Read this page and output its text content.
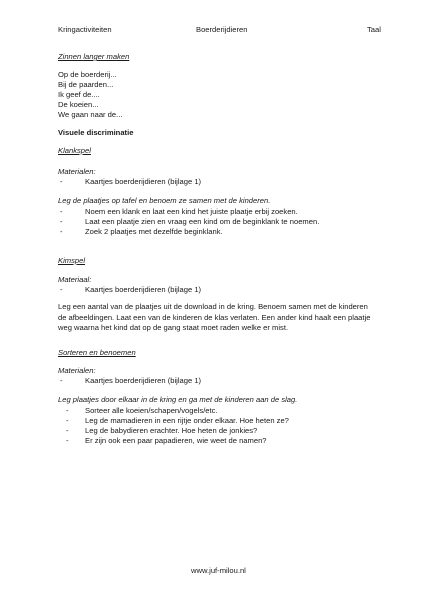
Kringactiviteiten	Boerderijdieren	Taal
Zinnen langer maken
Op de boerderij...
Bij de paarden...
Ik geef de....
De koeien...
We gaan naar de...
Visuele discriminatie
Klankspel
Materialen:
-	Kaartjes boerderijdieren (bijlage 1)
Leg de plaatjes op tafel en benoem ze samen met de kinderen.
-	Noem een klank en laat een kind het juiste plaatje erbij zoeken.
-	Laat een plaatje zien en vraag een kind om de beginklank te noemen.
-	Zoek 2 plaatjes met dezelfde beginklank.
Kimspel
Materiaal:
-	Kaartjes boerderijdieren (bijlage 1)
Leg een aantal van de plaatjes uit de download in de kring. Benoem samen met de kinderen de afbeeldingen. Laat een van de kinderen de klas verlaten. Een ander kind haalt een plaatje weg waarna het kind dat op de gang staat moet raden welke er mist.
Sorteren en benoemen
Materialen:
-	Kaartjes boerderijdieren (bijlage 1)
Leg plaatjes door elkaar in de kring en ga met de kinderen aan de slag.
- Sorteer alle koeien/schapen/vogels/etc.
- Leg de mamadieren in een rijtje onder elkaar. Hoe heten ze?
- Leg de babydieren erachter. Hoe heten de jonkies?
- Er zijn ook een paar papadieren, wie weet de namen?
www.juf-milou.nl
